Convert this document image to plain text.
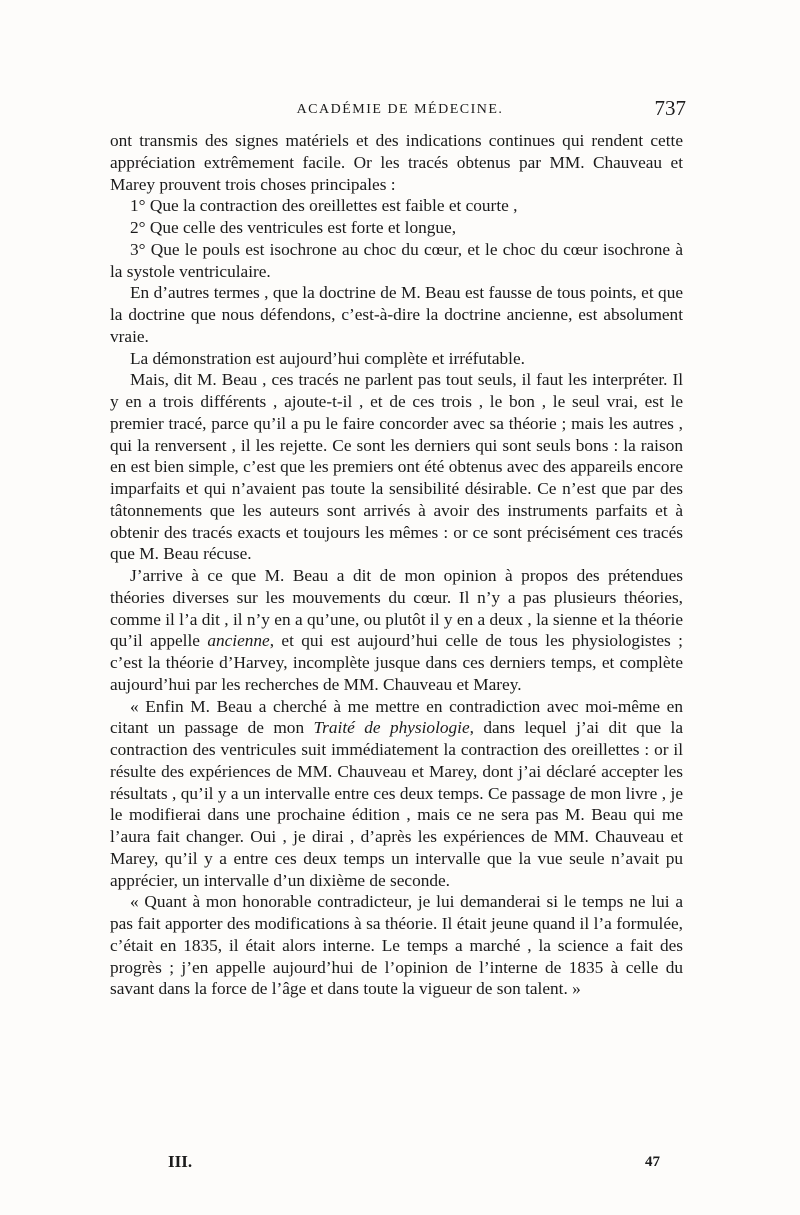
ACADÉMIE DE MÉDECINE.	737

ont transmis des signes matériels et des indications continues qui rendent cette appréciation extrêmement facile. Or les tracés obtenus par MM. Chauveau et Marey prouvent trois choses principales :

1° Que la contraction des oreillettes est faible et courte ,

2° Que celle des ventricules est forte et longue,

3° Que le pouls est isochrone au choc du cœur, et le choc du cœur isochrone à la systole ventriculaire.

En d’autres termes , que la doctrine de M. Beau est fausse de tous points, et que la doctrine que nous défendons, c’est-à-dire la doctrine ancienne, est absolument vraie.

La démonstration est aujourd’hui complète et irréfutable.

Mais, dit M. Beau , ces tracés ne parlent pas tout seuls, il faut les interpréter. Il y en a trois différents , ajoute-t-il , et de ces trois , le bon , le seul vrai, est le premier tracé, parce qu’il a pu le faire concorder avec sa théorie ; mais les autres , qui la renversent , il les rejette. Ce sont les derniers qui sont seuls bons : la raison en est bien simple, c’est que les premiers ont été obtenus avec des appareils encore imparfaits et qui n’avaient pas toute la sensibilité désirable. Ce n’est que par des tâtonnements que les auteurs sont arrivés à avoir des instruments parfaits et à obtenir des tracés exacts et toujours les mêmes : or ce sont précisément ces tracés que M. Beau récuse.

J’arrive à ce que M. Beau a dit de mon opinion à propos des prétendues théories diverses sur les mouvements du cœur. Il n’y a pas plusieurs théories, comme il l’a dit , il n’y en a qu’une, ou plutôt il y en a deux , la sienne et la théorie qu’il appelle ancienne, et qui est aujourd’hui celle de tous les physiologistes ; c’est la théorie d’Harvey, incomplète jusque dans ces derniers temps, et complète aujourd’hui par les recherches de MM. Chauveau et Marey.

« Enfin M. Beau a cherché à me mettre en contradiction avec moi-même en citant un passage de mon Traité de physiologie, dans lequel j’ai dit que la contraction des ventricules suit immédiatement la contraction des oreillettes : or il résulte des expériences de MM. Chauveau et Marey, dont j’ai déclaré accepter les résultats , qu’il y a un intervalle entre ces deux temps. Ce passage de mon livre , je le modifierai dans une prochaine édition , mais ce ne sera pas M. Beau qui me l’aura fait changer. Oui , je dirai , d’après les expériences de MM. Chauveau et Marey, qu’il y a entre ces deux temps un intervalle que la vue seule n’avait pu apprécier, un intervalle d’un dixième de seconde.

« Quant à mon honorable contradicteur, je lui demanderai si le temps ne lui a pas fait apporter des modifications à sa théorie. Il était jeune quand il l’a formulée, c’était en 1835, il était alors interne. Le temps a marché , la science a fait des progrès ; j’en appelle aujourd’hui de l’opinion de l’interne de 1835 à celle du savant dans la force de l’âge et dans toute la vigueur de son talent. »

III.	47
